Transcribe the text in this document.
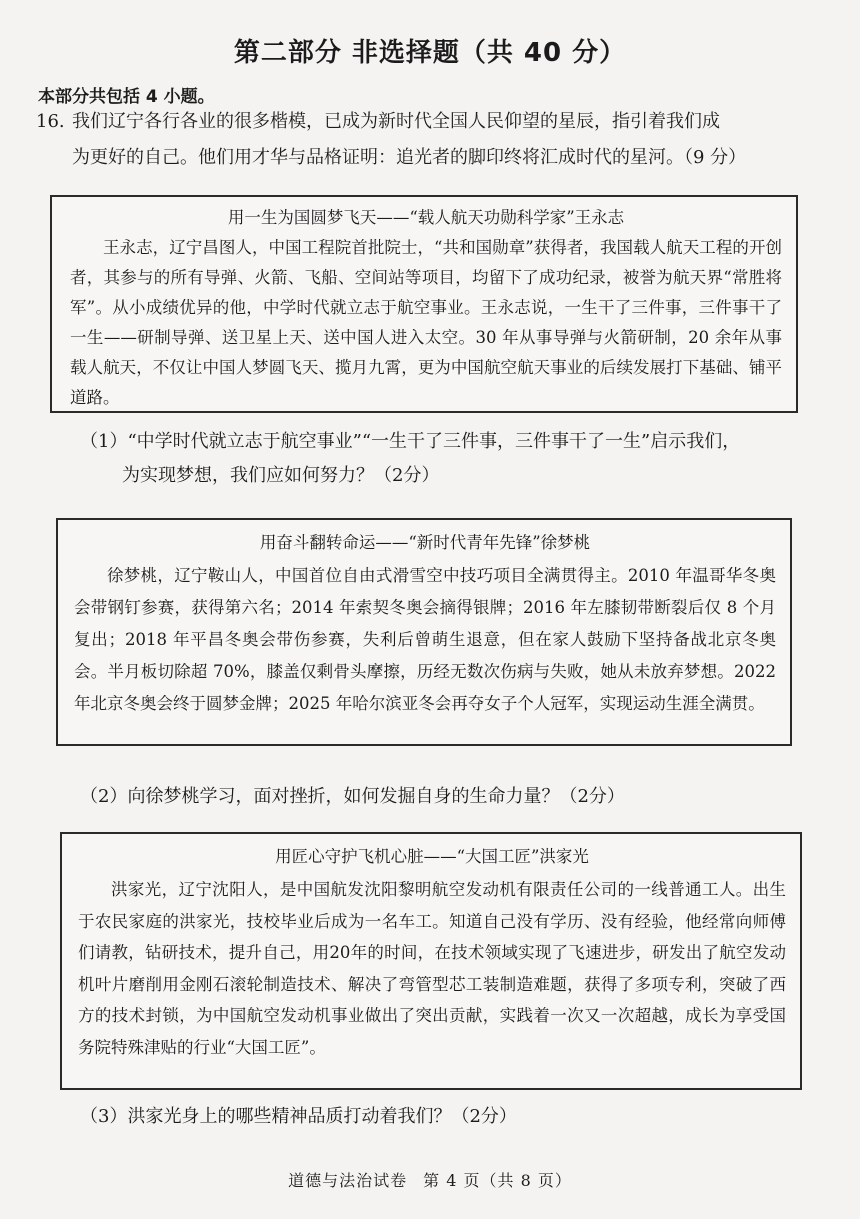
第二部分 非选择题（共 40 分）
本部分共包括 4 小题。
16. 我们辽宁各行各业的很多楷模，已成为新时代全国人民仰望的星辰，指引着我们成
为更好的自己。他们用才华与品格证明：追光者的脚印终将汇成时代的星河。（9 分）
用一生为国圆梦飞天——“载人航天功勋科学家”王永志
王永志，辽宁昌图人，中国工程院首批院士，“共和国勋章”获得者，我国载人航天工程的开创者，其参与的所有导弹、火箭、飞船、空间站等项目，均留下了成功纪录，被誉为航天界“常胜将军”。从小成绩优异的他，中学时代就立志于航空事业。王永志说，一生干了三件事，三件事干了一生——研制导弹、送卫星上天、送中国人进入太空。30 年从事导弹与火箭研制，20 余年从事载人航天，不仅让中国人梦圆飞天、揽月九霄，更为中国航空航天事业的后续发展打下基础、铺平道路。
（1）“中学时代就立志于航空事业”“一生干了三件事，三件事干了一生”启示我们，
为实现梦想，我们应如何努力？（2分）
用奋斗翻转命运——“新时代青年先锋”徐梦桃
徐梦桃，辽宁鞍山人，中国首位自由式滑雪空中技巧项目全满贯得主。2010 年温哥华冬奥会带钢钉参赛，获得第六名；2014 年索契冬奥会摘得银牌；2016 年左膝韧带断裂后仅 8 个月复出；2018 年平昌冬奥会带伤参赛，失利后曾萌生退意，但在家人鼓励下坚持备战北京冬奥会。半月板切除超 70%，膝盖仅剩骨头摩擦，历经无数次伤病与失败，她从未放弃梦想。2022 年北京冬奥会终于圆梦金牌；2025 年哈尔滨亚冬会再夺女子个人冠军，实现运动生涯全满贯。
（2）向徐梦桃学习，面对挫折，如何发掘自身的生命力量？（2分）
用匠心守护飞机心脏——“大国工匠”洪家光
洪家光，辽宁沈阳人，是中国航发沈阳黎明航空发动机有限责任公司的一线普通工人。出生于农民家庭的洪家光，技校毕业后成为一名车工。知道自己没有学历、没有经验，他经常向师傅们请教，钻研技术，提升自己，用20年的时间，在技术领域实现了飞速进步，研发出了航空发动机叶片磨削用金刚石滚轮制造技术、解决了弯管型芯工装制造难题，获得了多项专利，突破了西方的技术封锁，为中国航空发动机事业做出了突出贡献，实践着一次又一次超越，成长为享受国务院特殊津贴的行业“大国工匠”。
（3）洪家光身上的哪些精神品质打动着我们？（2分）
道德与法治试卷 第 4 页（共 8 页）
